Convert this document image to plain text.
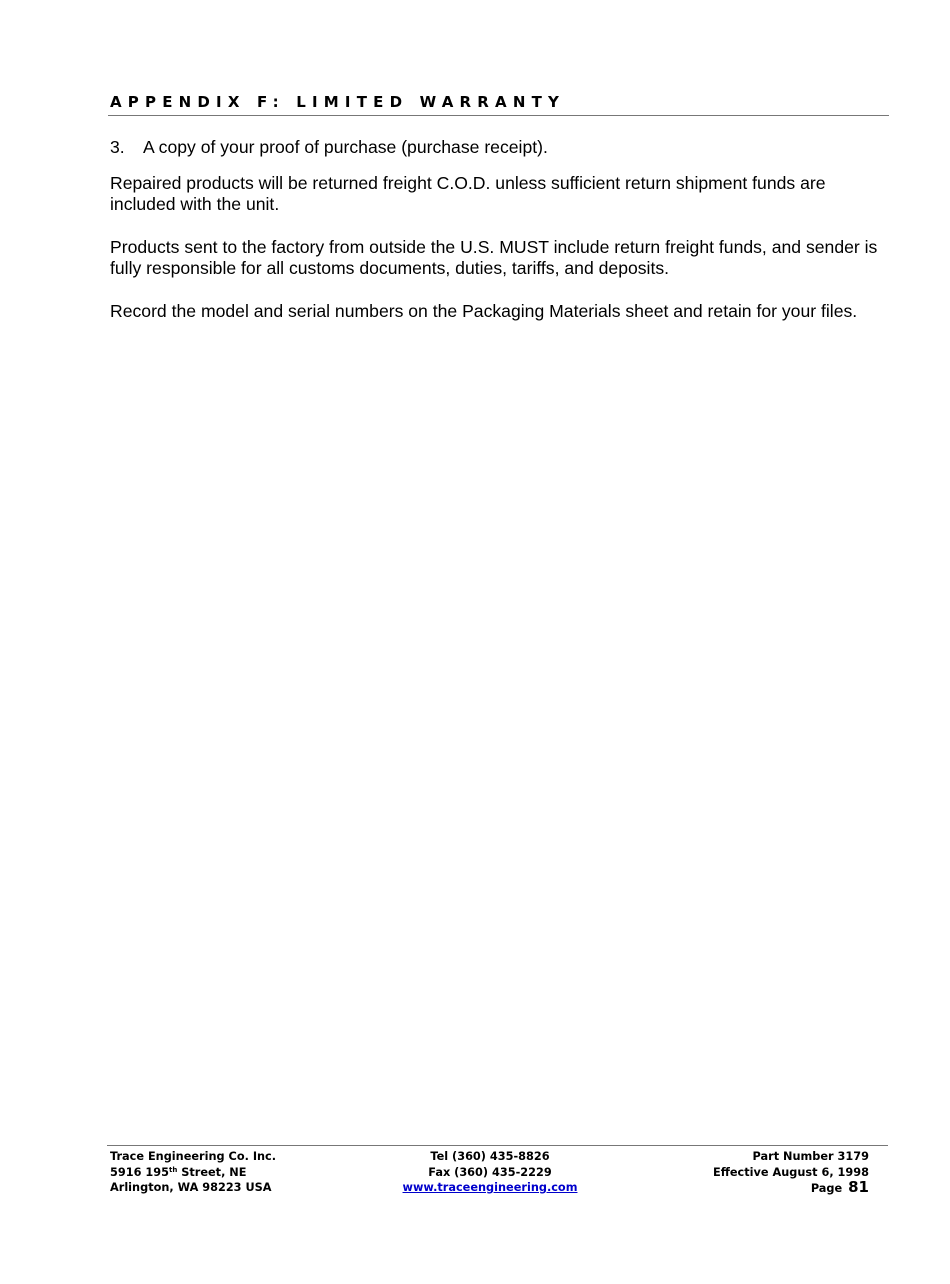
APPENDIX F: LIMITED WARRANTY
3. A copy of your proof of purchase (purchase receipt).
Repaired products will be returned freight C.O.D. unless sufficient return shipment funds are included with the unit.
Products sent to the factory from outside the U.S. MUST include return freight funds, and sender is fully responsible for all customs documents, duties, tariffs, and deposits.
Record the model and serial numbers on the Packaging Materials sheet and retain for your files.
Trace Engineering Co. Inc.
5916 195th Street, NE
Arlington, WA 98223 USA
Tel (360) 435-8826
Fax (360) 435-2229
www.traceengineering.com
Part Number 3179
Effective August 6, 1998
Page 81
